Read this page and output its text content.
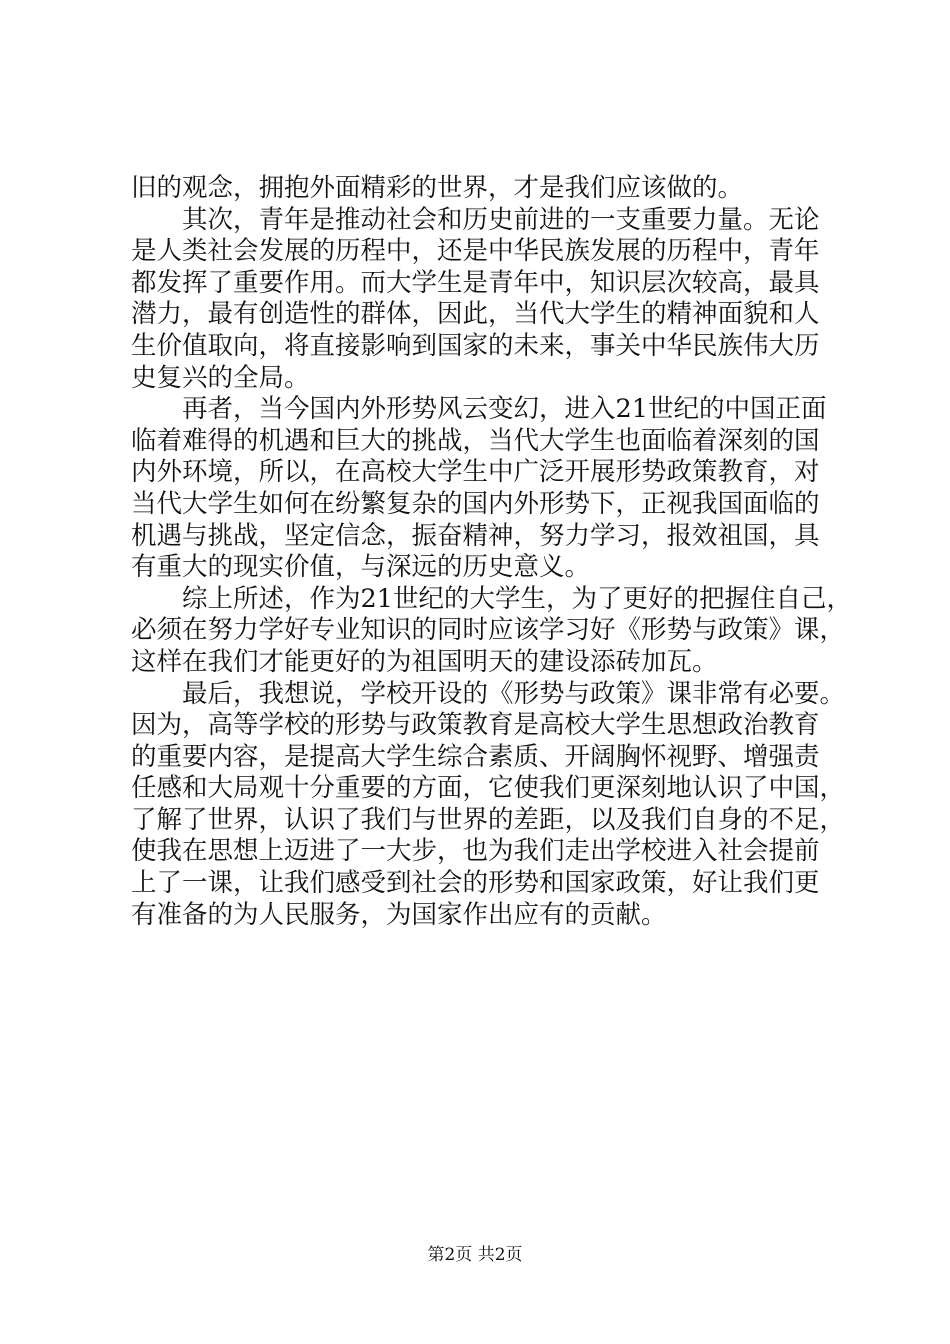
旧的观念，拥抱外面精彩的世界，才是我们应该做的。
其次，青年是推动社会和历史前进的一支重要力量。无论
是人类社会发展的历程中，还是中华民族发展的历程中，青年
都发挥了重要作用。而大学生是青年中，知识层次较高，最具
潜力，最有创造性的群体，因此，当代大学生的精神面貌和人
生价值取向，将直接影响到国家的未来，事关中华民族伟大历
史复兴的全局。
再者，当今国内外形势风云变幻，进入21世纪的中国正面
临着难得的机遇和巨大的挑战，当代大学生也面临着深刻的国
内外环境，所以，在高校大学生中广泛开展形势政策教育，对
当代大学生如何在纷繁复杂的国内外形势下，正视我国面临的
机遇与挑战，坚定信念，振奋精神，努力学习，报效祖国，具
有重大的现实价值，与深远的历史意义。
综上所述，作为21世纪的大学生，为了更好的把握住自己，
必须在努力学好专业知识的同时应该学习好《形势与政策》课，
这样在我们才能更好的为祖国明天的建设添砖加瓦。
最后，我想说，学校开设的《形势与政策》课非常有必要。
因为，高等学校的形势与政策教育是高校大学生思想政治教育
的重要内容，是提高大学生综合素质、开阔胸怀视野、增强责
任感和大局观十分重要的方面，它使我们更深刻地认识了中国，
了解了世界，认识了我们与世界的差距，以及我们自身的不足，
使我在思想上迈进了一大步，也为我们走出学校进入社会提前
上了一课，让我们感受到社会的形势和国家政策，好让我们更
有准备的为人民服务，为国家作出应有的贡献。
第2页 共2页
